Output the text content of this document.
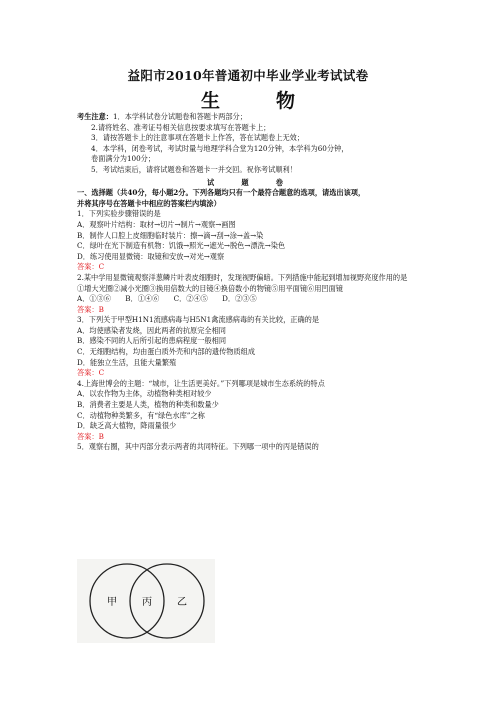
益阳市2010年普通初中毕业学业考试试卷
生物
考生注意：1．本学科试卷分试题卷和答题卡两部分；
2.请将姓名、准考证号相关信息按要求填写在答题卡上；
3．请按答题卡上的注意事项在答题卡上作答，答在试题卷上无效；
4．本学科，闭卷考试，考试时量与地理学科合堂为120分钟，本学科为60分钟，
卷面满分为100分；
5．考试结束后，请将试题卷和答题卡一并交回。祝你考试顺利！
试　题　卷
一、选择题（共40分，每小题2分。下列各题均只有一个最符合题意的选项，请选出该项，
并将其序号在答题卡中相应的答案栏内填涂）
1．下列实验步骤错误的是
A．观察叶片结构：取材→切片→制片→观察→画图
B．制作人口腔上皮细胞临时装片：擦→滴→刮→涂→盖→染
C．绿叶在光下制造有机物：饥饿→照光→遮光→脱色→漂洗→染色
D．练习使用显微镜：取镜和安放→对光→观察
答案：C
2.某中学用显微镜观察洋葱鳞片叶表皮细胞时，发现视野偏暗。下列措施中能起到增加视野亮度作用的是
①增大光圈②减小光圈③换用倍数大的目镜④换倍数小的物镜⑤用平面镜⑥用凹面镜
A．①③⑥ B．①④⑥ C．②④⑤ D．②③⑤
答案：B
3．下列关于甲型H1N1流感病毒与H5N1禽流感病毒的有关比较，正确的是
A．均使感染者发烧，因此两者的抗原完全相同
B．感染不同的人后所引起的患病程度一般相同
C．无细胞结构，均由蛋白质外壳和内部的遗传物质组成
D．能独立生活，且能大量繁殖
答案：C
4.上海世博会的主题：“城市，让生活更美好。”下列哪项是城市生态系统的特点
A．以农作物为主体，动植物种类相对较少
B．消费者主要是人类，植物的种类和数量少
C．动植物种类繁多，有“绿色水库”之称
D．缺乏高大植物，降雨量很少
答案：B
5．观察右圈，其中丙部分表示两者的共同特征。下列哪一项中的丙是错误的
甲	丙	乙
